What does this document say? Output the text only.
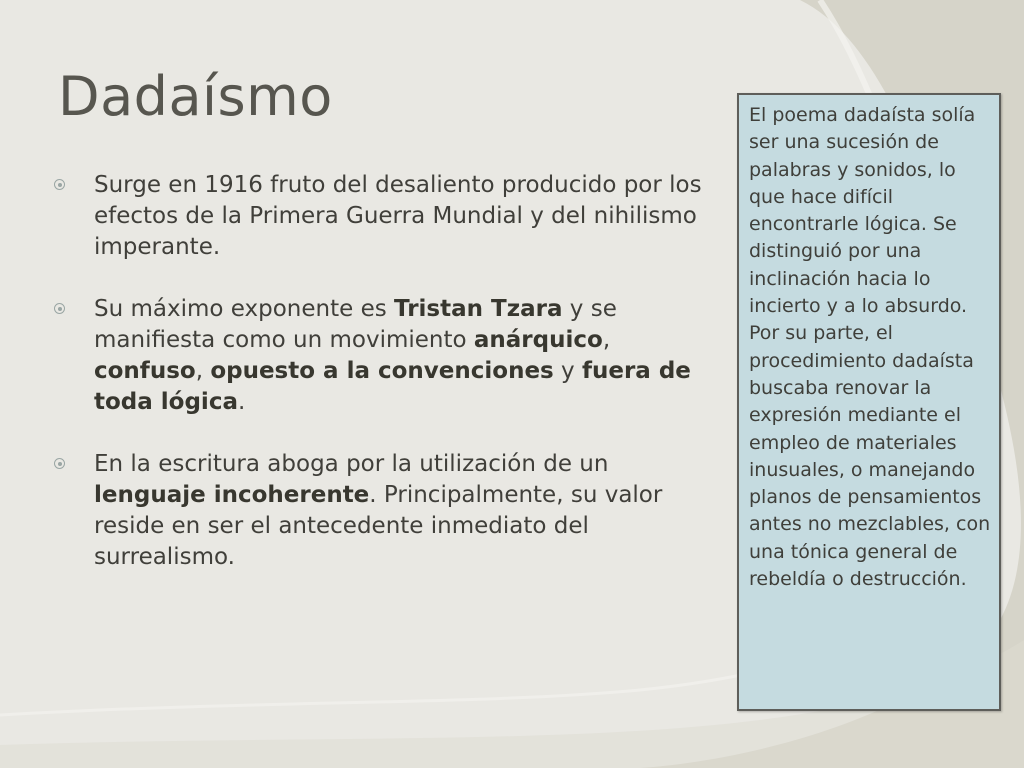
Dadaísmo
Surge en 1916 fruto del desaliento producido por los efectos de la Primera Guerra Mundial y del nihilismo imperante.
Su máximo exponente es Tristan Tzara y se manifiesta como un movimiento anárquico, confuso, opuesto a la convenciones y fuera de toda lógica.
En la escritura aboga por la utilización de un lenguaje incoherente. Principalmente, su valor reside en ser el antecedente inmediato del surrealismo.
El poema dadaísta solía ser una sucesión de palabras y sonidos, lo que hace difícil encontrarle lógica. Se distinguió por una inclinación hacia lo incierto y a lo absurdo. Por su parte, el procedimiento dadaísta buscaba renovar la expresión mediante el empleo de materiales inusuales, o manejando planos de pensamientos antes no mezclables, con una tónica general de rebeldía o destrucción.
